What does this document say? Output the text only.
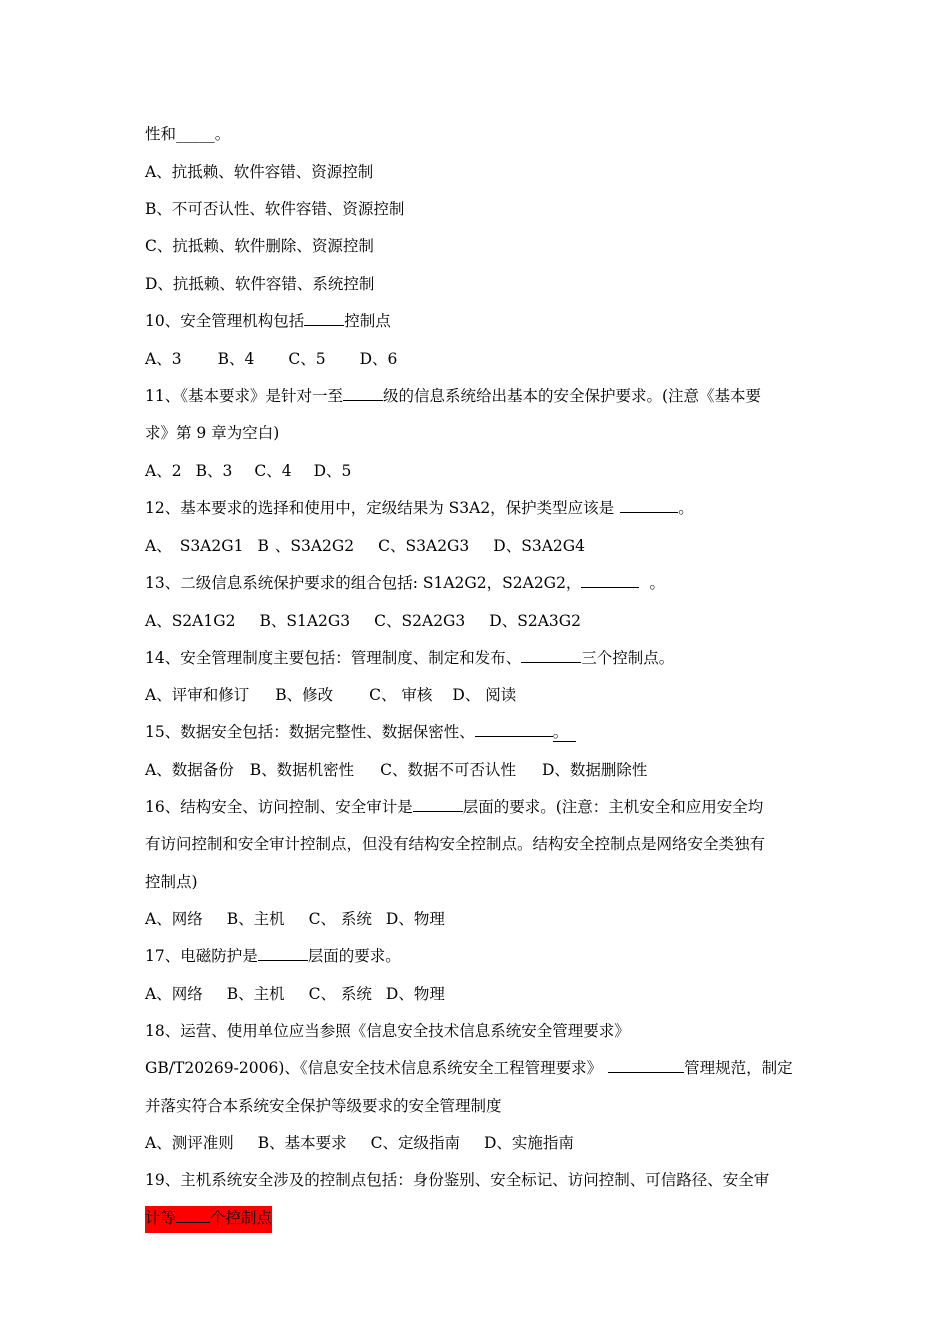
性和_____。
A、抗抵赖、软件容错、资源控制
B、不可否认性、软件容错、资源控制
C、抗抵赖、软件删除、资源控制
D、抗抵赖、软件容错、系统控制
10、安全管理机构包括	控制点
A、3 B、4 C、5 D、6
11、《基本要求》是针对一至	级的信息系统给出基本的安全保护要求。(注意《基本要
求》第 9 章为空白)
A、2 B、3 C、4 D、5
12、基本要求的选择和使用中，定级结果为 S3A2，保护类型应该是	。
A、 S3A2G1 B 、S3A2G2 C、S3A2G3 D、S3A2G4
13、二级信息系统保护要求的组合包括: S1A2G2，S2A2G2，	。
A、S2A1G2 B、S1A2G3 C、S2A2G3 D、S2A3G2
14、安全管理制度主要包括：管理制度、制定和发布、	三个控制点。
A、评审和修订 B、修改 C、 审核 D、 阅读
15、数据安全包括：数据完整性、数据保密性、	。
A、数据备份 B、数据机密性 C、数据不可否认性 D、数据删除性
16、结构安全、访问控制、安全审计是	层面的要求。(注意：主机安全和应用安全均
有访问控制和安全审计控制点，但没有结构安全控制点。结构安全控制点是网络安全类独有
控制点)
A、网络 B、主机 C、 系统 D、物理
17、电磁防护是	层面的要求。
A、网络 B、主机 C、 系统 D、物理
18、运营、使用单位应当参照《信息安全技术信息系统安全管理要求》
GB/T20269-2006)、《信息安全技术信息系统安全工程管理要求》	管理规范，制定
并落实符合本系统安全保护等级要求的安全管理制度
A、测评准则 B、基本要求 C、定级指南 D、实施指南
19、主机系统安全涉及的控制点包括：身份鉴别、安全标记、访问控制、可信路径、安全审
计等 个控制点
